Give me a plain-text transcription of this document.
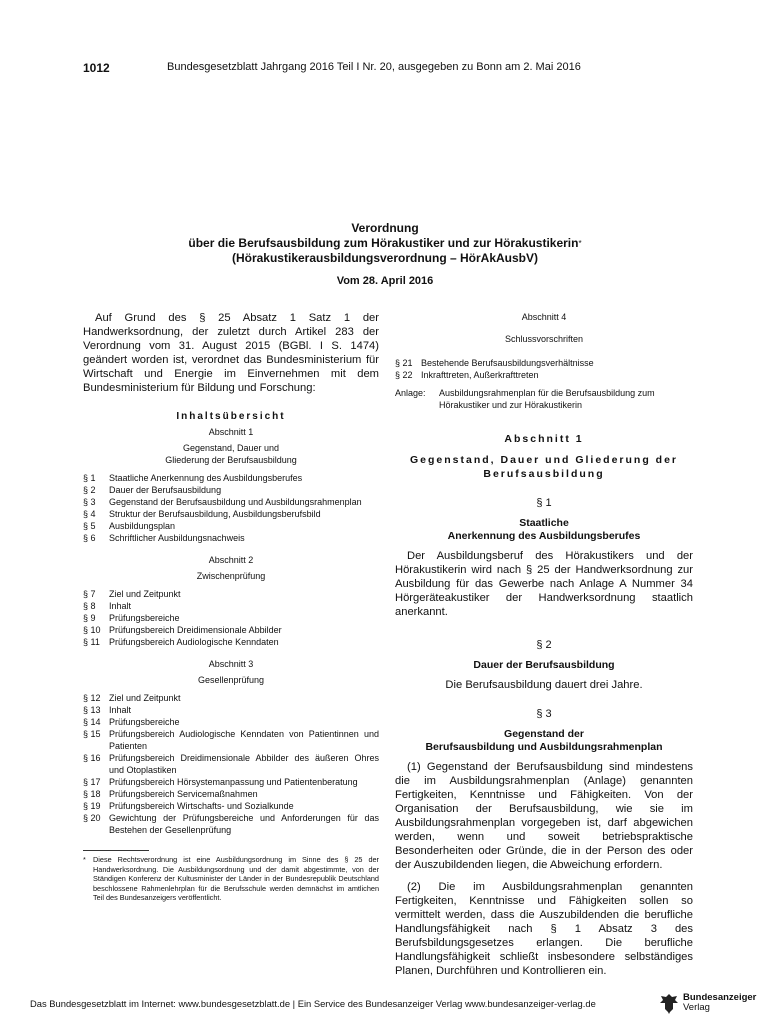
1012	Bundesgesetzblatt Jahrgang 2016 Teil I Nr. 20, ausgegeben zu Bonn am 2. Mai 2016
Verordnung
über die Berufsausbildung zum Hörakustiker und zur Hörakustikerin*
(Hörakustikerausbildungsverordnung – HörAkAusbV)
Vom 28. April 2016

Auf Grund des § 25 Absatz 1 Satz 1 der Handwerksordnung, der zuletzt durch Artikel 283 der Verordnung vom 31. August 2015 (BGBl. I S. 1474) geändert worden ist, verordnet das Bundesministerium für Wirtschaft und Energie im Einvernehmen mit dem Bundesministerium für Bildung und Forschung:

Inhaltsübersicht
Abschnitt 1
Gegenstand, Dauer und
Gliederung der Berufsausbildung
§ 1	Staatliche Anerkennung des Ausbildungsberufes
§ 2	Dauer der Berufsausbildung
§ 3	Gegenstand der Berufsausbildung und Ausbildungsrahmenplan
§ 4	Struktur der Berufsausbildung, Ausbildungsberufsbild
§ 5	Ausbildungsplan
§ 6	Schriftlicher Ausbildungsnachweis
Abschnitt 2
Zwischenprüfung
§ 7	Ziel und Zeitpunkt
§ 8	Inhalt
§ 9	Prüfungsbereiche
§ 10 Prüfungsbereich Dreidimensionale Abbilder
§ 11	Prüfungsbereich Audiologische Kenndaten
Abschnitt 3
Gesellenprüfung
§ 12 Ziel und Zeitpunkt
§ 13 Inhalt
§ 14 Prüfungsbereiche
§ 15 Prüfungsbereich Audiologische Kenndaten von Patientinnen und Patienten
§ 16 Prüfungsbereich Dreidimensionale Abbilder des äußeren Ohres und Otoplastiken
§ 17 Prüfungsbereich Hörsystemanpassung und Patientenberatung
§ 18 Prüfungsbereich Servicemaßnahmen
§ 19 Prüfungsbereich Wirtschafts- und Sozialkunde
§ 20 Gewichtung der Prüfungsbereiche und Anforderungen für das Bestehen der Gesellenprüfung
* Diese Rechtsverordnung ist eine Ausbildungsordnung im Sinne des § 25 der Handwerksordnung. Die Ausbildungsordnung und der damit abgestimmte, von der Ständigen Konferenz der Kultusminister der Länder in der Bundesrepublik Deutschland beschlossene Rahmenlehrplan für die Berufsschule werden demnächst im amtlichen Teil des Bundesanzeigers veröffentlicht.
Abschnitt 4
Schlussvorschriften
§ 21 Bestehende Berufsausbildungsverhältnisse
§ 22 Inkrafttreten, Außerkrafttreten
Anlage:	Ausbildungsrahmenplan für die Berufsausbildung zum Hörakustiker und zur Hörakustikerin
Abschnitt 1
Gegenstand, Dauer und Gliederung der Berufsausbildung
§ 1
Staatliche
Anerkennung des Ausbildungsberufes

Der Ausbildungsberuf des Hörakustikers und der Hörakustikerin wird nach § 25 der Handwerksordnung zur Ausbildung für das Gewerbe nach Anlage A Nummer 34 Hörgeräteakustiker der Handwerksordnung staatlich anerkannt.

§ 2
Dauer der Berufsausbildung

Die Berufsausbildung dauert drei Jahre.

§ 3
Gegenstand der
Berufsausbildung und Ausbildungsrahmenplan

(1) Gegenstand der Berufsausbildung sind mindestens die im Ausbildungsrahmenplan (Anlage) genannten Fertigkeiten, Kenntnisse und Fähigkeiten. Von der Organisation der Berufsausbildung, wie sie im Ausbildungsrahmenplan vorgegeben ist, darf abgewichen werden, wenn und soweit betriebspraktische Besonderheiten oder Gründe, die in der Person des oder der Auszubildenden liegen, die Abweichung erfordern.

(2) Die im Ausbildungsrahmenplan genannten Fertigkeiten, Kenntnisse und Fähigkeiten sollen so vermittelt werden, dass die Auszubildenden die berufliche Handlungsfähigkeit nach § 1 Absatz 3 des Berufsbildungsgesetzes erlangen. Die berufliche Handlungsfähigkeit schließt insbesondere selbständiges Planen, Durchführen und Kontrollieren ein.

Das Bundesgesetzblatt im Internet: www.bundesgesetzblatt.de | Ein Service des Bundesanzeiger Verlag www.bundesanzeiger-verlag.de
Bundesanzeiger
Verlag
